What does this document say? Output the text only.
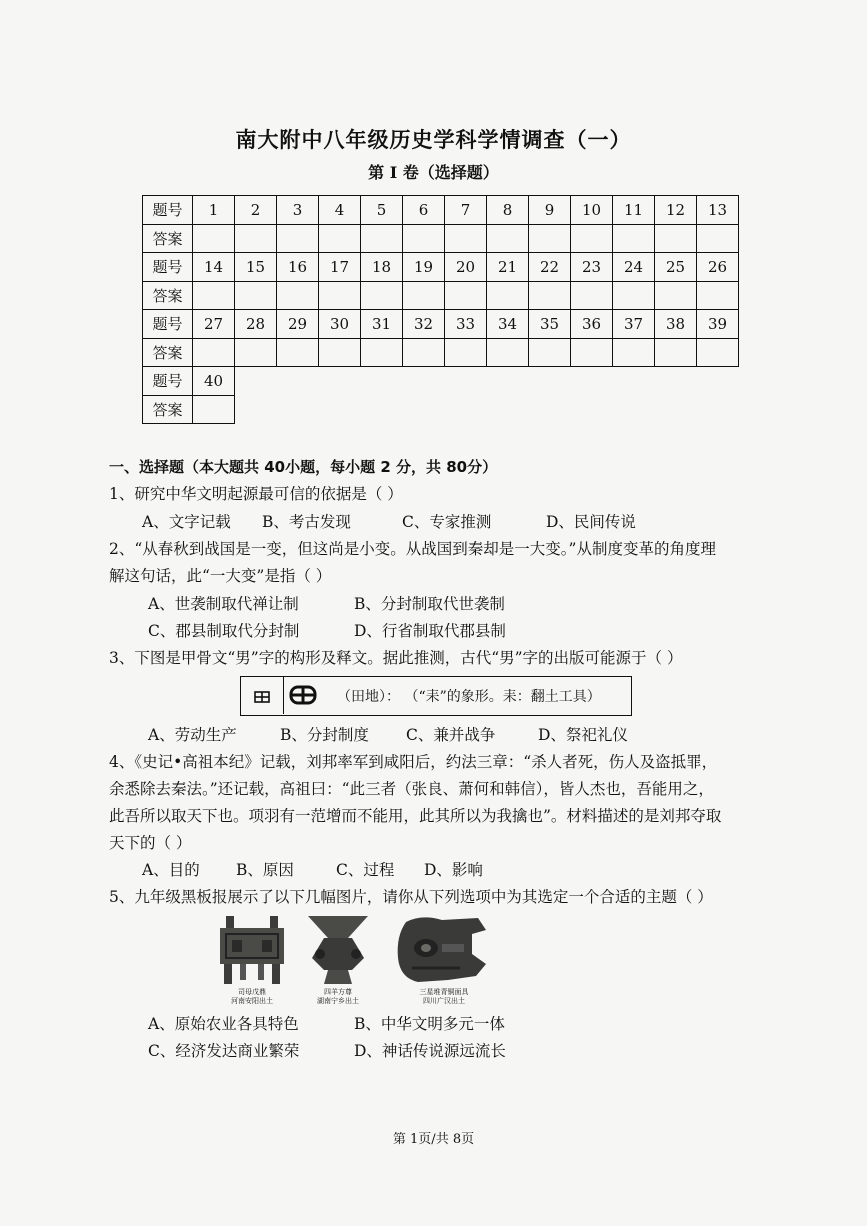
南大附中八年级历史学科学情调查（一）
第 I 卷（选择题）
题号	1	2	3	4	5	6	7	8	9	10	11	12	13
答案													
题号	14	15	16	17	18	19	20	21	22	23	24	25	26
答案													
题号	27	28	29	30	31	32	33	34	35	36	37	38	39
答案													
题号	40												
答案													
一、选择题（本大题共 40小题，每小题 2 分，共 80分）
1、研究中华文明起源最可信的依据是（ ）
A、文字记载 B、考古发现	C、专家推测	D、民间传说
2、“从春秋到战国是一变，但这尚是小变。从战国到秦却是一大变。”从制度变革的角度理
解这句话，此“一大变”是指（ ）
A、世袭制取代禅让制	B、分封制取代世袭制
C、郡县制取代分封制	D、行省制取代郡县制
3、下图是甲骨文“男”字的构形及释文。据此推测，古代“男”字的出版可能源于（ ）
（田地）： （“耒”的象形。耒：翻土工具）
A、劳动生产	B、分封制度 C、兼并战争	D、祭祀礼仪
4、《史记•高祖本纪》记载，刘邦率军到咸阳后，约法三章：“杀人者死，伤人及盗抵罪，
余悉除去秦法。”还记载，高祖曰：“此三者（张良、萧何和韩信），皆人杰也，吾能用之，
此吾所以取天下也。项羽有一范增而不能用，此其所以为我擒也”。材料描述的是刘邦夺取
天下的（ ）
A、目的 B、原因	C、过程 D、影响
5、九年级黑板报展示了以下几幅图片，请你从下列选项中为其选定一个合适的主题（ ）
司母戊鼎
河南安阳出土
四羊方尊
湖南宁乡出土
三星堆青铜面具
四川广汉出土
A、原始农业各具特色	B、中华文明多元一体
C、经济发达商业繁荣	D、神话传说源远流长
第 1页/共 8页
